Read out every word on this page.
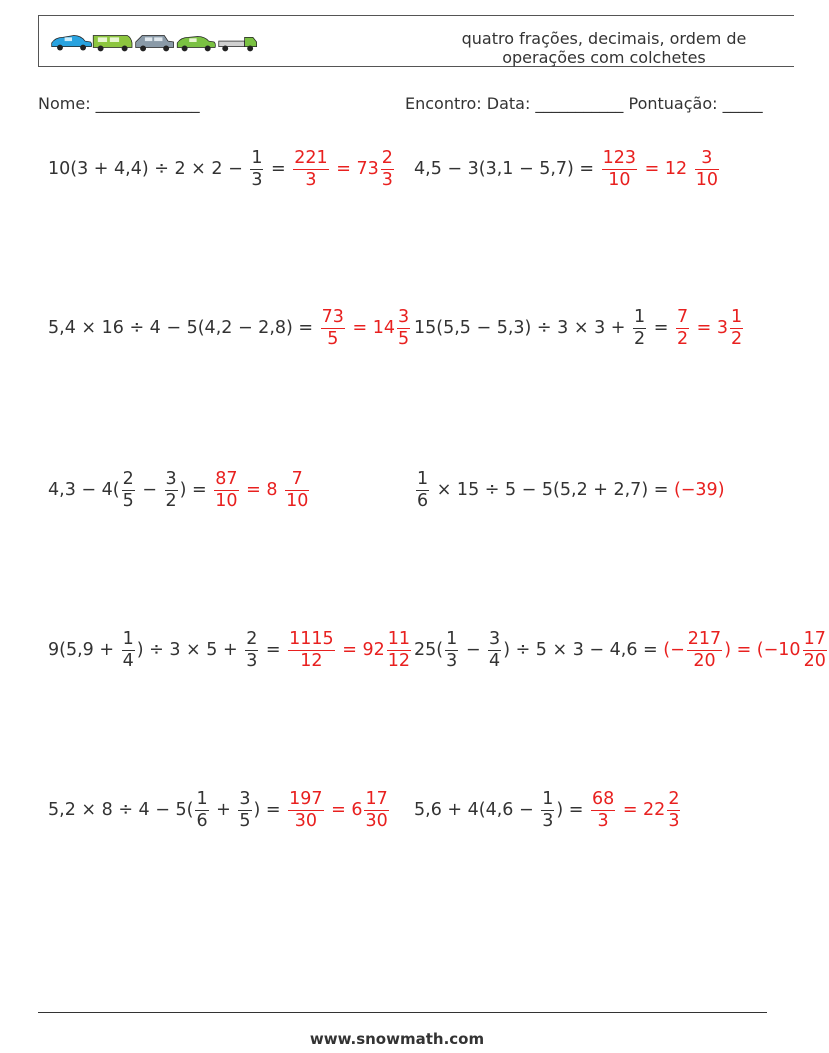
quatro frações, decimais, ordem de
operações com colchetes
Nome: _____________	Encontro: Data: ___________ Pontuação: _____
$10(3 + 4,4) \div 2 \times 2 - \frac{1}{3} = \frac{221}{3} = 73 \frac{2}{3} 4,5 - 3(3,1 - 5,7) = \frac{123}{10} = 12 \frac{3}{10}$
$5,4 \times 16 \div 4 - 5(4,2 - 2,8) = \frac{73}{5} = 14 \frac{3}{5} 15(5,5 - 5,3) \div 3 \times 3 + \frac{1}{2} = \frac{7}{2} = 3 \frac{1}{2}$
$4,3 - 4( \frac{2}{5} - \frac{3}{2}$ ) = $\frac{87}{10} = 8 \frac{7}{10}$	$\frac{1}{6} \times 15 \div 5 - 5(5,2 + 2,7) = (-39)$
$9(5,9 + \frac{1}{4}$ ) ÷ $3 \times 5 + \frac{2}{3} = \frac{1115}{12} = 92 \frac{11}{12} 25( \frac{1}{3} - \frac{3}{4}$ ) ÷ 5 × 3 − 4,6 = (− $\frac{217}{20}$ ) = ($-10 \frac{17}{20}$
$5,2 \times 8 \div 4 - 5( \frac{1}{6} + \frac{3}{5}$ ) = $\frac{197}{30} = 6 \frac{17}{30} 5,6 + 4(4,6 - \frac{1}{3}$ ) = $\frac{68}{3} = 22 \frac{2}{3}$
www.snowmath.com
